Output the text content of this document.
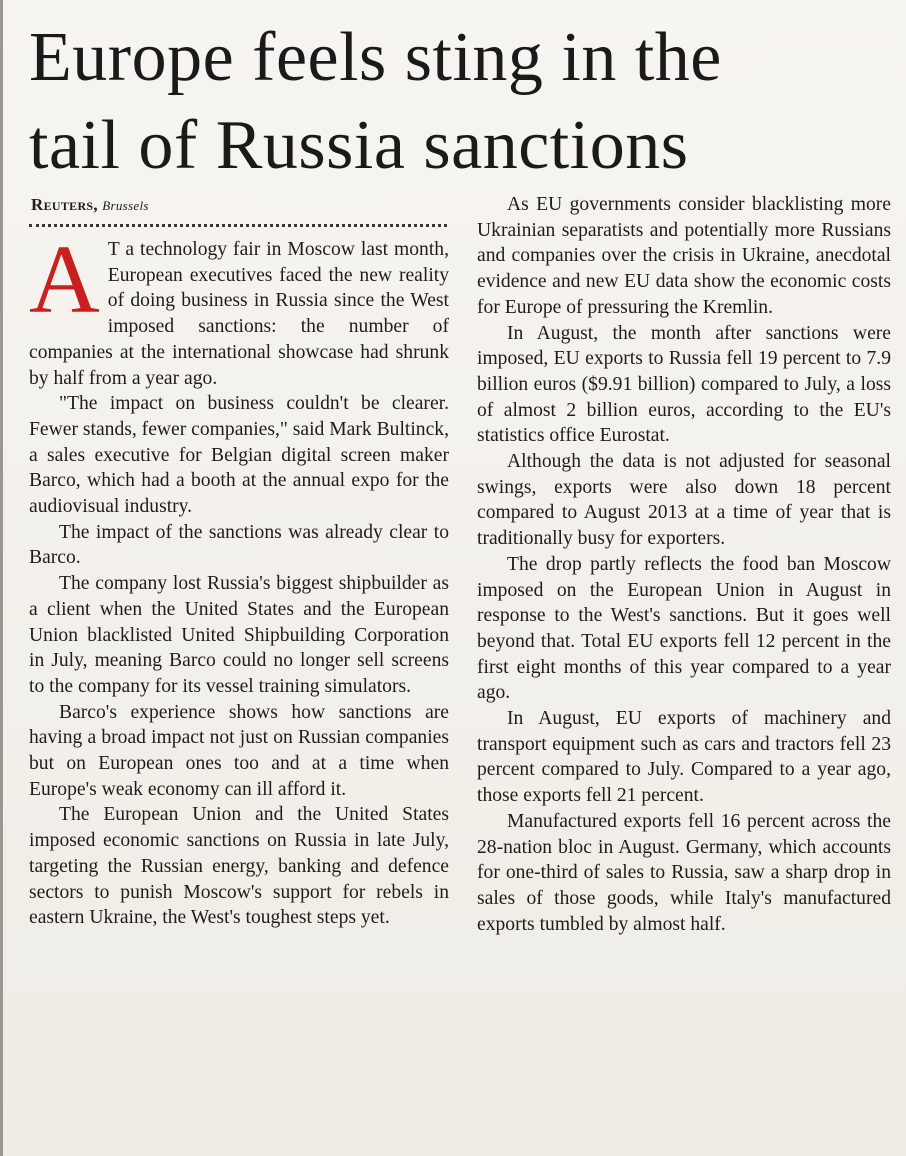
Europe feels sting in the
tail of Russia sanctions
Reuters, Brussels

A T a technology fair in Moscow last month, European executives faced the new reality of doing business in Russia since the West imposed sanctions: the number of companies at the international showcase had shrunk by half from a year ago.

"The impact on business couldn't be clearer. Fewer stands, fewer companies," said Mark Bultinck, a sales executive for Belgian digital screen maker Barco, which had a booth at the annual expo for the audiovisual industry.

The impact of the sanctions was already clear to Barco.

The company lost Russia's biggest shipbuilder as a client when the United States and the European Union blacklisted United Shipbuilding Corporation in July, meaning Barco could no longer sell screens to the company for its vessel training simulators.

Barco's experience shows how sanctions are having a broad impact not just on Russian companies but on European ones too and at a time when Europe's weak economy can ill afford it.

The European Union and the United States imposed economic sanctions on Russia in late July, targeting the Russian energy, banking and defence sectors to punish Moscow's support for rebels in eastern Ukraine, the West's toughest steps yet.

As EU governments consider blacklisting more Ukrainian separatists and potentially more Russians and companies over the crisis in Ukraine, anecdotal evidence and new EU data show the economic costs for Europe of pressuring the Kremlin.

In August, the month after sanctions were imposed, EU exports to Russia fell 19 percent to 7.9 billion euros ($9.91 billion) compared to July, a loss of almost 2 billion euros, according to the EU's statistics office Eurostat.

Although the data is not adjusted for seasonal swings, exports were also down 18 percent compared to August 2013 at a time of year that is traditionally busy for exporters.

The drop partly reflects the food ban Moscow imposed on the European Union in August in response to the West's sanctions. But it goes well beyond that. Total EU exports fell 12 percent in the first eight months of this year compared to a year ago.

In August, EU exports of machinery and transport equipment such as cars and tractors fell 23 percent compared to July. Compared to a year ago, those exports fell 21 percent.

Manufactured exports fell 16 percent across the 28-nation bloc in August. Germany, which accounts for one-third of sales to Russia, saw a sharp drop in sales of those goods, while Italy's manufactured exports tumbled by almost half.
